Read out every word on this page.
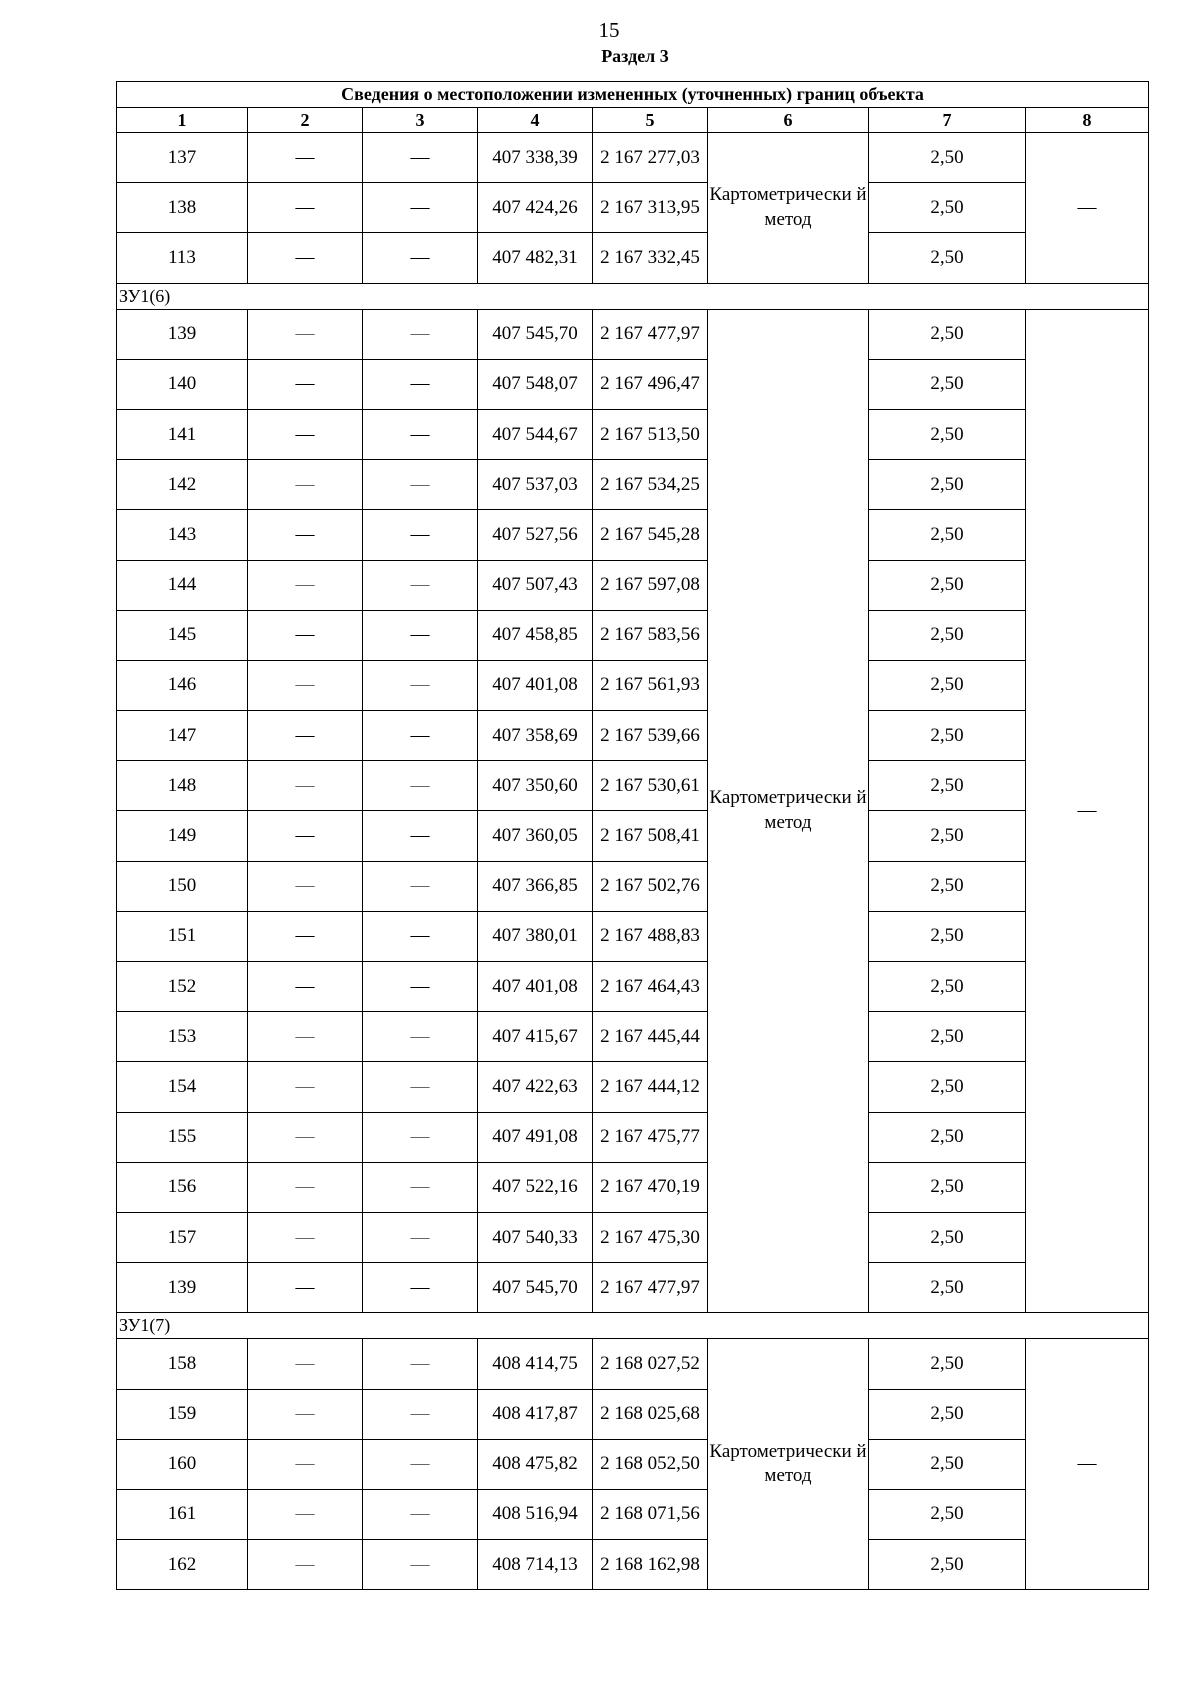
15
Раздел 3
Сведения о местоположении измененных (уточненных) границ объекта							
1	2	3	4	5	6	7	8
137	—	—	407 338,39	2 167 277,03	Картометрически й метод	2,50	—
138	—	—	407 424,26	2 167 313,95		2,50	
113	—	—	407 482,31	2 167 332,45		2,50	
ЗУ1(6)							
139	—	—	407 545,70	2 167 477,97	Картометрически й метод	2,50	—
140	—	—	407 548,07	2 167 496,47		2,50	
141	—	—	407 544,67	2 167 513,50		2,50	
142	—	—	407 537,03	2 167 534,25		2,50	
143	—	—	407 527,56	2 167 545,28		2,50	
144	—	—	407 507,43	2 167 597,08		2,50	
145	—	—	407 458,85	2 167 583,56		2,50	
146	—	—	407 401,08	2 167 561,93		2,50	
147	—	—	407 358,69	2 167 539,66		2,50	
148	—	—	407 350,60	2 167 530,61		2,50	
149	—	—	407 360,05	2 167 508,41		2,50	
150	—	—	407 366,85	2 167 502,76		2,50	
151	—	—	407 380,01	2 167 488,83		2,50	
152	—	—	407 401,08	2 167 464,43		2,50	
153	—	—	407 415,67	2 167 445,44		2,50	
154	—	—	407 422,63	2 167 444,12		2,50	
155	—	—	407 491,08	2 167 475,77		2,50	
156	—	—	407 522,16	2 167 470,19		2,50	
157	—	—	407 540,33	2 167 475,30		2,50	
139	—	—	407 545,70	2 167 477,97		2,50	
ЗУ1(7)							
158	—	—	408 414,75	2 168 027,52	Картометрически й метод	2,50	—
159	—	—	408 417,87	2 168 025,68		2,50	
160	—	—	408 475,82	2 168 052,50		2,50	
161	—	—	408 516,94	2 168 071,56		2,50	
162	—	—	408 714,13	2 168 162,98		2,50	
